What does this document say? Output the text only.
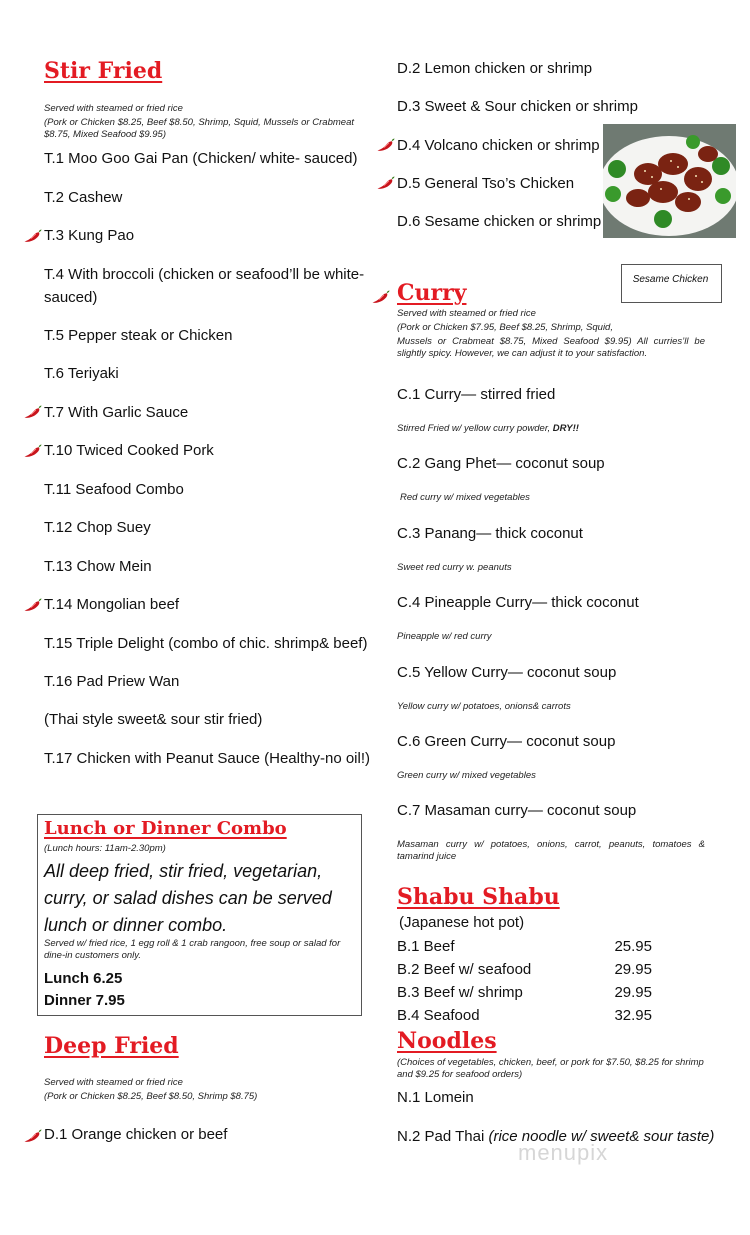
Stir Fried
Served with steamed or fried rice
(Pork or Chicken $8.25, Beef $8.50, Shrimp, Squid, Mussels or Crabmeat $8.75, Mixed Seafood $9.95)
T.1 Moo Goo Gai Pan (Chicken/ white- sauced)
T.2 Cashew
T.3 Kung Pao
T.4 With broccoli (chicken or seafood’ll be white-
sauced)
T.5 Pepper steak or Chicken
T.6 Teriyaki
T.7 With Garlic Sauce
T.10 Twiced Cooked Pork
T.11 Seafood Combo
T.12 Chop Suey
T.13 Chow Mein
T.14 Mongolian beef
T.15 Triple Delight (combo of chic. shrimp& beef)
T.16 Pad Priew Wan
(Thai style sweet& sour stir fried)
T.17 Chicken with Peanut Sauce (Healthy-no oil!)
Lunch or Dinner Combo
(Lunch hours: 11am-2.30pm)
All deep fried, stir fried, vegetarian, curry, or salad dishes can be served lunch or dinner combo.
Served w/ fried rice, 1 egg roll & 1 crab rangoon, free soup or salad for dine-in customers only.
Lunch 6.25
Dinner 7.95
Deep Fried
Served with steamed or fried rice
(Pork or Chicken $8.25, Beef $8.50, Shrimp $8.75)
D.1 Orange chicken or beef
D.2 Lemon chicken or shrimp
D.3 Sweet & Sour chicken or shrimp
D.4 Volcano chicken or shrimp
D.5 General Tso’s Chicken
D.6 Sesame chicken or shrimp
Sesame Chicken
Curry
Served with steamed or fried rice
(Pork or Chicken $7.95, Beef $8.25, Shrimp, Squid,
Mussels or Crabmeat $8.75, Mixed Seafood $9.95) All curries’ll be slightly spicy. However, we can adjust it to your satisfaction.
C.1 Curry— stirred fried
Stirred Fried w/ yellow curry powder, DRY!!
C.2 Gang Phet— coconut soup
Red curry w/ mixed vegetables
C.3 Panang— thick coconut
Sweet red curry w. peanuts
C.4 Pineapple Curry— thick coconut
Pineapple w/ red curry
C.5 Yellow Curry— coconut soup
Yellow curry w/ potatoes, onions& carrots
C.6 Green Curry— coconut soup
Green curry w/ mixed vegetables
C.7 Masaman curry— coconut soup
Masaman curry w/ potatoes, onions, carrot, peanuts, tomatoes & tamarind juice
Shabu Shabu
(Japanese hot pot)
B.1 Beef	25.95
B.2 Beef w/ seafood	29.95
B.3 Beef w/ shrimp	29.95
B.4 Seafood	32.95
Noodles
(Choices of vegetables, chicken, beef, or pork for $7.50, $8.25 for shrimp and $9.25 for seafood orders)
N.1 Lomein
N.2 Pad Thai (rice noodle w/ sweet& sour taste)
menupix
